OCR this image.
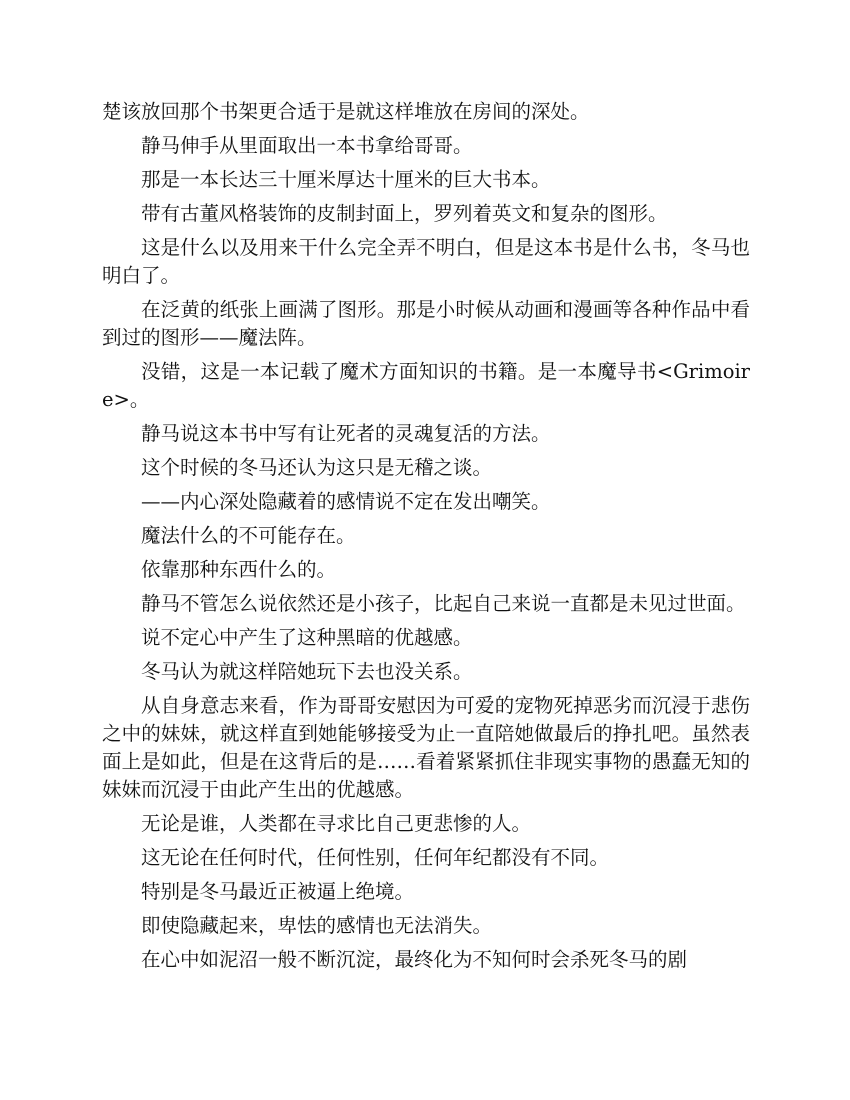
楚该放回那个书架更合适于是就这样堆放在房间的深处。

静马伸手从里面取出一本书拿给哥哥。

那是一本长达三十厘米厚达十厘米的巨大书本。

带有古董风格装饰的皮制封面上，罗列着英文和复杂的图形。

这是什么以及用来干什么完全弄不明白，但是这本书是什么书，冬马也明白了。

在泛黄的纸张上画满了图形。那是小时候从动画和漫画等各种作品中看到过的图形——魔法阵。

没错，这是一本记载了魔术方面知识的书籍。是一本魔导书<Grimoire>。

静马说这本书中写有让死者的灵魂复活的方法。

这个时候的冬马还认为这只是无稽之谈。

——内心深处隐藏着的感情说不定在发出嘲笑。

魔法什么的不可能存在。

依靠那种东西什么的。

静马不管怎么说依然还是小孩子，比起自己来说一直都是未见过世面。

说不定心中产生了这种黑暗的优越感。

冬马认为就这样陪她玩下去也没关系。

从自身意志来看，作为哥哥安慰因为可爱的宠物死掉恶劣而沉浸于悲伤之中的妹妹，就这样直到她能够接受为止一直陪她做最后的挣扎吧。虽然表面上是如此，但是在这背后的是……看着紧紧抓住非现实事物的愚蠢无知的妹妹而沉浸于由此产生出的优越感。

无论是谁，人类都在寻求比自己更悲惨的人。

这无论在任何时代，任何性别，任何年纪都没有不同。

特别是冬马最近正被逼上绝境。

即使隐藏起来，卑怯的感情也无法消失。

在心中如泥沼一般不断沉淀，最终化为不知何时会杀死冬马的剧
